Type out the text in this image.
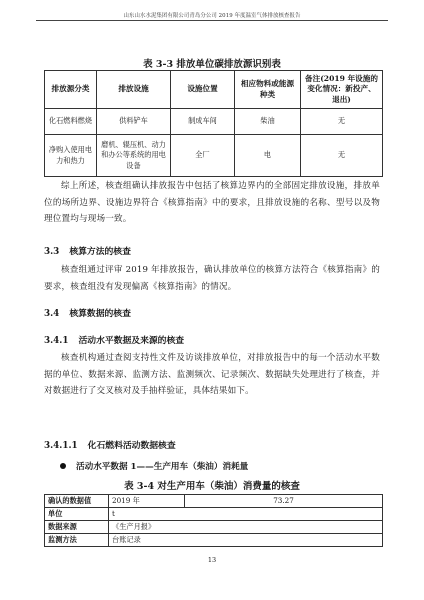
山东山水水泥集团有限公司青岛分公司 2019 年度温室气体排放核查报告
表 3-3 排放单位碳排放源识别表
排放源分类	排放设施	设施位置	相应物料或能源种类	备注(2019 年设施的变化情况：新投产、退出)
化石燃料燃烧	供料铲车	制成车间	柴油	无
净购入使用电力和热力	磨机、辊压机、动力和办公等系统的用电设备	全厂	电	无
综上所述，核查组确认排放报告中包括了核算边界内的全部固定排放设施，排放单位的场所边界、设施边界符合《核算指南》中的要求，且排放设施的名称、型号以及物理位置均与现场一致。
3.3 核算方法的核查
核查组通过评审 2019 年排放报告，确认排放单位的核算方法符合《核算指南》的要求，核查组没有发现偏离《核算指南》的情况。
3.4 核算数据的核查
3.4.1 活动水平数据及来源的核查
核查机构通过查阅支持性文件及访谈排放单位，对排放报告中的每一个活动水平数据的单位、数据来源、监测方法、监测频次、记录频次、数据缺失处理进行了核查，并对数据进行了交叉核对及手抽样验证，具体结果如下。
3.4.1.1 化石燃料活动数据核查
活动水平数据 1——生产用车（柴油）消耗量
表 3-4 对生产用车（柴油）消费量的核查
确认的数据值	2019 年	73.27
单位	t	
数据来源	《生产月报》	
监测方法	台账记录	
13
